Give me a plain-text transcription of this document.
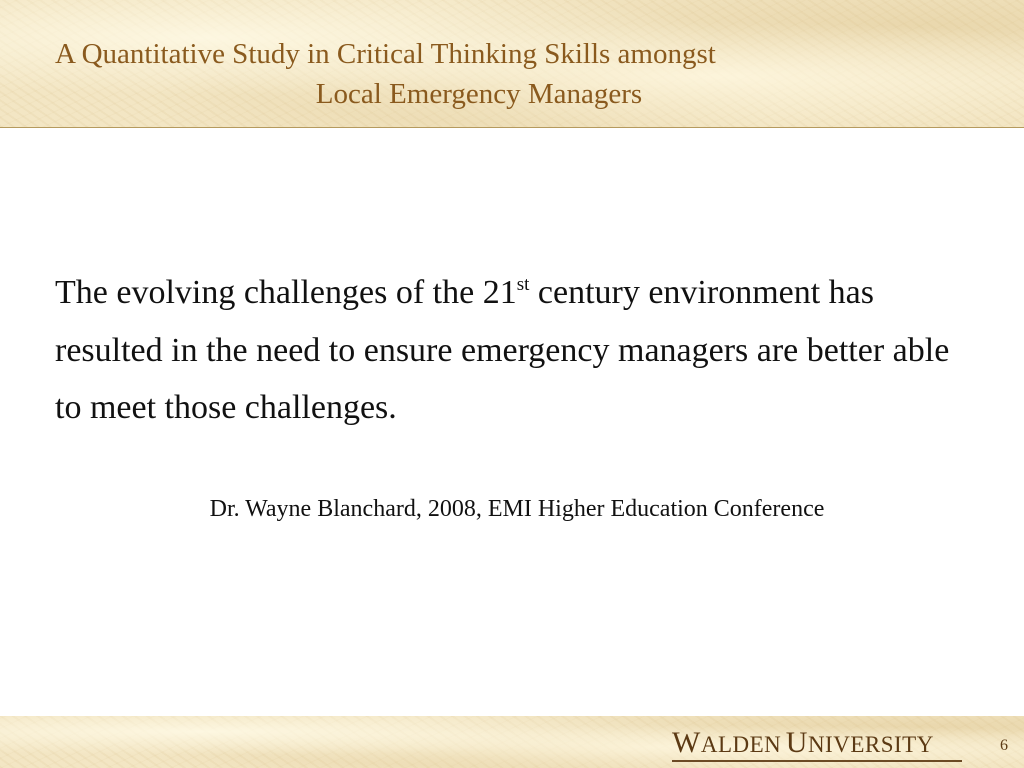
A Quantitative Study in Critical Thinking Skills amongst
Local Emergency Managers

The evolving challenges of the 21st century environment has resulted in the need to ensure emergency managers are better able to meet those challenges.

Dr. Wayne Blanchard, 2008, EMI Higher Education Conference

WALDEN UNIVERSITY	6
